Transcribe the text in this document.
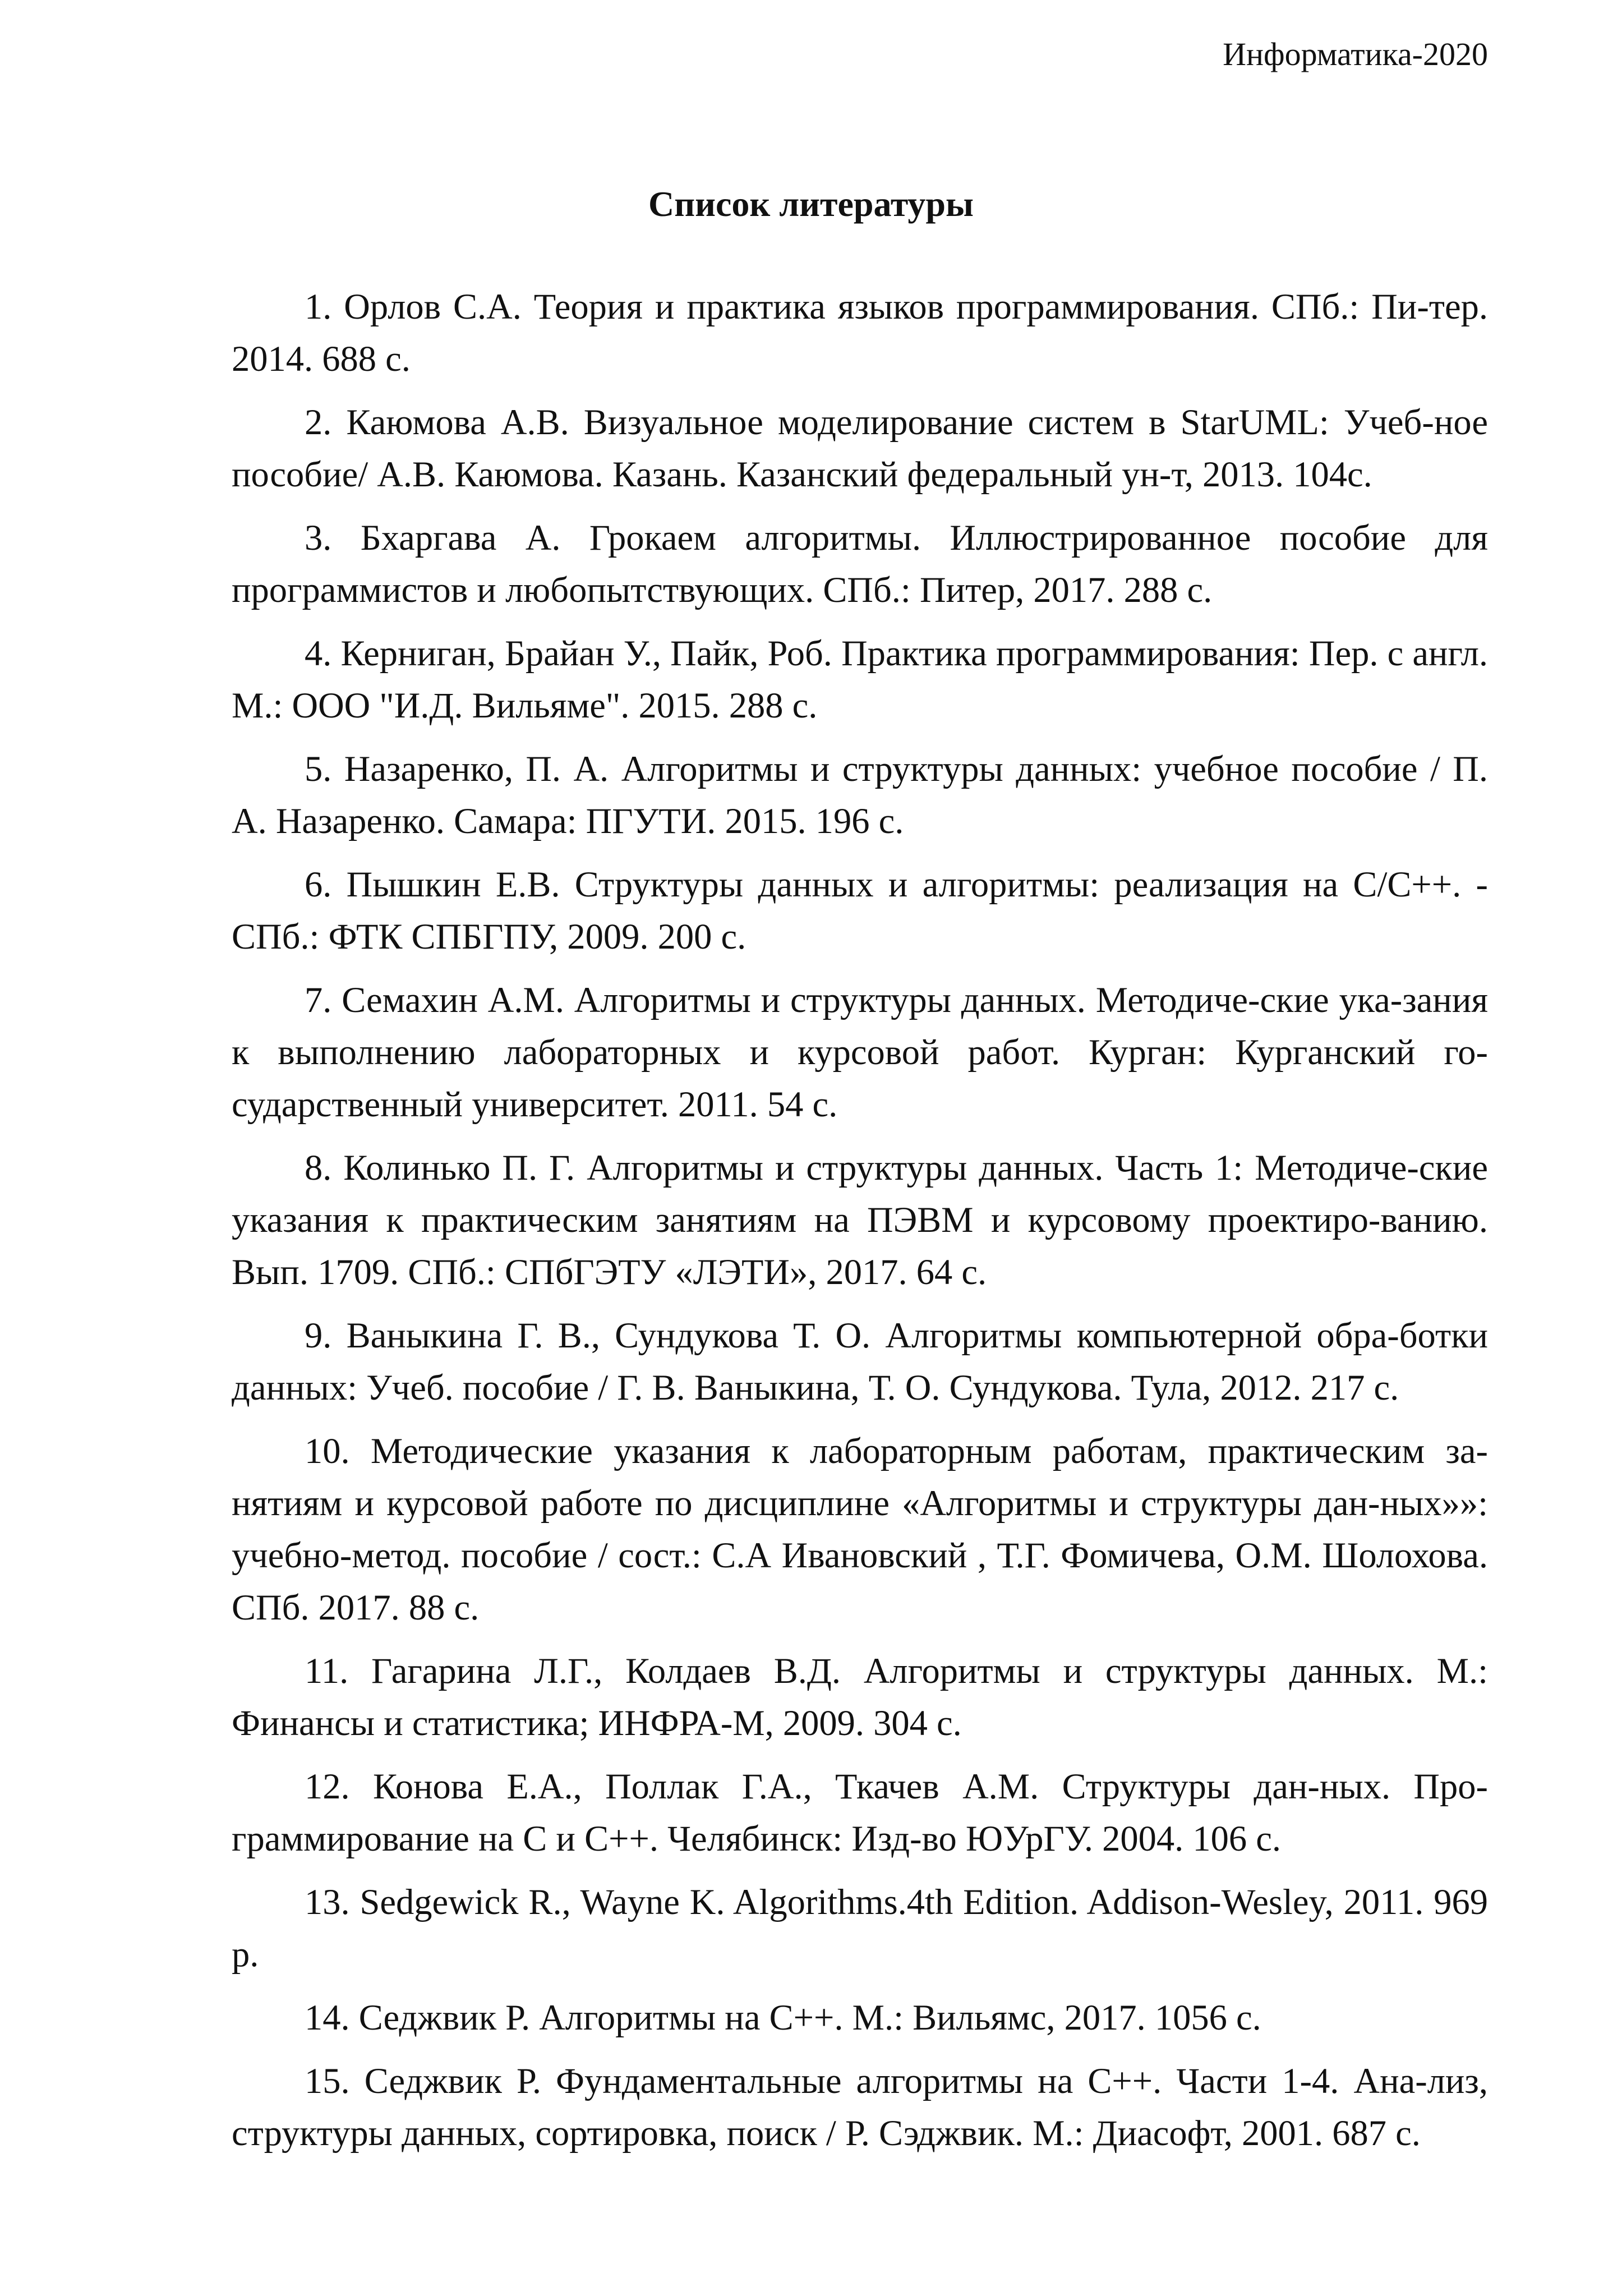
Информатика-2020
Список литературы
1. Орлов С.А. Теория и практика языков программирования. СПб.: Пи-тер. 2014. 688 с.
2. Каюмова А.В. Визуальное моделирование систем в StarUML: Учеб-ное пособие/ А.В. Каюмова. Казань. Казанский федеральный ун-т, 2013. 104с.
3. Бхаргава А. Грокаем алгоритмы. Иллюстрированное пособие для программистов и любопытствующих. СПб.: Питер, 2017. 288 с.
4. Керниган, Брайан У., Пайк, Роб. Практика программирования: Пер. с англ. М.: ООО "И.Д. Вильяме". 2015. 288 с.
5. Назаренко, П. А. Алгоритмы и структуры данных: учебное пособие / П. А. Назаренко. Самара: ПГУТИ. 2015. 196 с.
6. Пышкин Е.В. Структуры данных и алгоритмы: реализация на C/C++. - СПб.: ФТК СПБГПУ, 2009. 200 с.
7. Семахин А.М. Алгоритмы и структуры данных. Методиче-ские ука-зания к выполнению лабораторных и курсовой работ. Курган: Курганский го-сударственный университет. 2011. 54 с.
8. Колинько П. Г. Алгоритмы и структуры данных. Часть 1: Методиче-ские указания к практическим занятиям на ПЭВМ и курсовому проектиро-ванию. Вып. 1709. СПб.: СПбГЭТУ «ЛЭТИ», 2017. 64 с.
9. Ваныкина Г. В., Сундукова Т. О. Алгоритмы компьютерной обра-ботки данных: Учеб. пособие / Г. В. Ваныкина, Т. О. Сундукова. Тула, 2012. 217 с.
10. Методические указания к лабораторным работам, практическим за-нятиям и курсовой работе по дисциплине «Алгоритмы и структуры дан-ных»»: учебно-метод. пособие / сост.: С.А Ивановский , Т.Г. Фомичева, О.М. Шолохова. СПб. 2017. 88 с.
11. Гагарина Л.Г., Колдаев В.Д. Алгоритмы и структуры данных. М.: Финансы и статистика; ИНФРА-М, 2009. 304 с.
12. Конова Е.А., Поллак Г.А., Ткачев А.М. Структуры дан-ных. Про-граммирование на С и С++. Челябинск: Изд-во ЮУрГУ. 2004. 106 с.
13. Sedgewick R., Wayne K. Algorithms.4th Edition. Addison-Wesley, 2011. 969 p.
14. Седжвик Р. Алгоритмы на С++. М.: Вильямс, 2017. 1056 с.
15. Седжвик Р. Фундаментальные алгоритмы на С++. Части 1-4. Ана-лиз, структуры данных, сортировка, поиск / Р. Сэджвик. М.: Диасофт, 2001. 687 с.
